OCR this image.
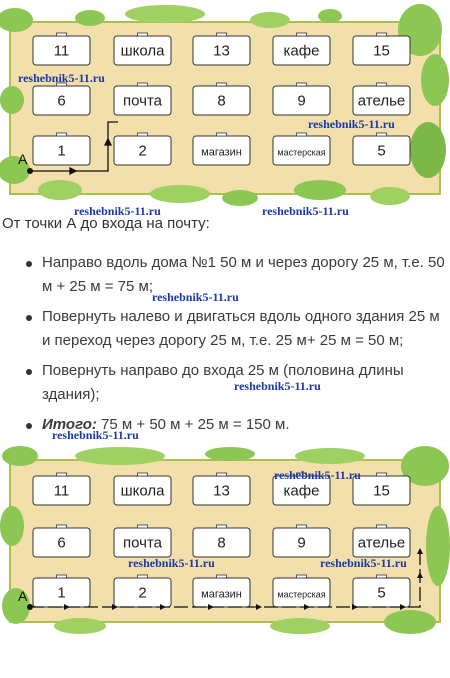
11	школа	13	кафе	15
6	почта	8	9	ателье
1	2	магазин	мастерская	5
А
От точки А до входа на почту:
Направо вдоль дома №1 50 м и через дорогу 25 м, т.е. 50 м + 25 м = 75 м;
Повернуть налево и двигаться вдоль одного здания 25 м и переход через дорогу 25 м, т.е. 25 м+ 25 м = 50 м;
Повернуть направо до входа 25 м (половина длины здания);
Итого: 75 м + 50 м + 25 м = 150 м.
11	школа	13	кафе	15
6	почта	8	9	ателье
1	2	магазин	мастерская	5
А
reshebnik5-11.ru
reshebnik5-11.ru
reshebnik5-11.ru	reshebnik5-11.ru
reshebnik5-11.ru
reshebnik5-11.ru
reshebnik5-11.ru
reshebnik5-11.ru
reshebnik5-11.ru	reshebnik5-11.ru
